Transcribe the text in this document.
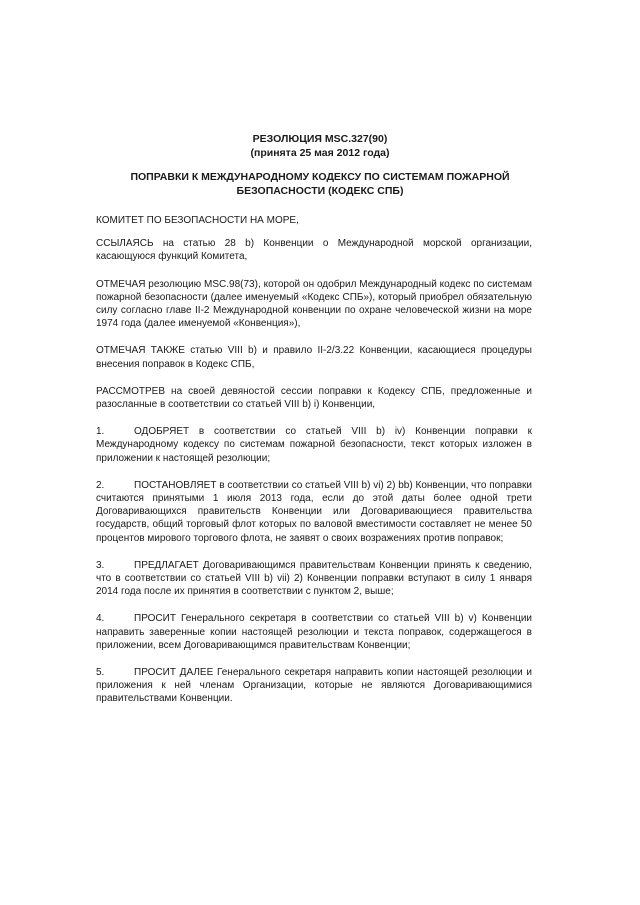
РЕЗОЛЮЦИЯ MSC.327(90)
(принята 25 мая 2012 года)
ПОПРАВКИ К МЕЖДУНАРОДНОМУ КОДЕКСУ ПО СИСТЕМАМ ПОЖАРНОЙ
БЕЗОПАСНОСТИ (КОДЕКС СПБ)

КОМИТЕТ ПО БЕЗОПАСНОСТИ НА МОРЕ,

ССЫЛАЯСЬ на статью 28 b) Конвенции о Международной морской организации, касающуюся функций Комитета,

ОТМЕЧАЯ резолюцию MSC.98(73), которой он одобрил Международный кодекс по системам пожарной безопасности (далее именуемый «Кодекс СПБ»), который приобрел обязательную силу согласно главе II-2 Международной конвенции по охране человеческой жизни на море 1974 года (далее именуемой «Конвенция»),

ОТМЕЧАЯ ТАКЖЕ статью VIII b) и правило II-2/3.22 Конвенции, касающиеся процедуры внесения поправок в Кодекс СПБ,

РАССМОТРЕВ на своей девяностой сессии поправки к Кодексу СПБ, предложенные и разосланные в соответствии со статьей VIII b) i) Конвенции,

1.	ОДОБРЯЕТ в соответствии со статьей VIII b) iv) Конвенции поправки к Международному кодексу по системам пожарной безопасности, текст которых изложен в приложении к настоящей резолюции;

2.	ПОСТАНОВЛЯЕТ в соответствии со статьей VIII b) vi) 2) bb) Конвенции, что поправки считаются принятыми 1 июля 2013 года, если до этой даты более одной трети Договаривающихся правительств Конвенции или Договаривающиеся правительства государств, общий торговый флот которых по валовой вместимости составляет не менее 50 процентов мирового торгового флота, не заявят о своих возражениях против поправок;

3.	ПРЕДЛАГАЕТ Договаривающимся правительствам Конвенции принять к сведению, что в соответствии со статьей VIII b) vii) 2) Конвенции поправки вступают в силу 1 января 2014 года после их принятия в соответствии с пунктом 2, выше;

4.	ПРОСИТ Генерального секретаря в соответствии со статьей VIII b) v) Конвенции направить заверенные копии настоящей резолюции и текста поправок, содержащегося в приложении, всем Договаривающимся правительствам Конвенции;

5.	ПРОСИТ ДАЛЕЕ Генерального секретаря направить копии настоящей резолюции и приложения к ней членам Организации, которые не являются Договаривающимися правительствами Конвенции.
